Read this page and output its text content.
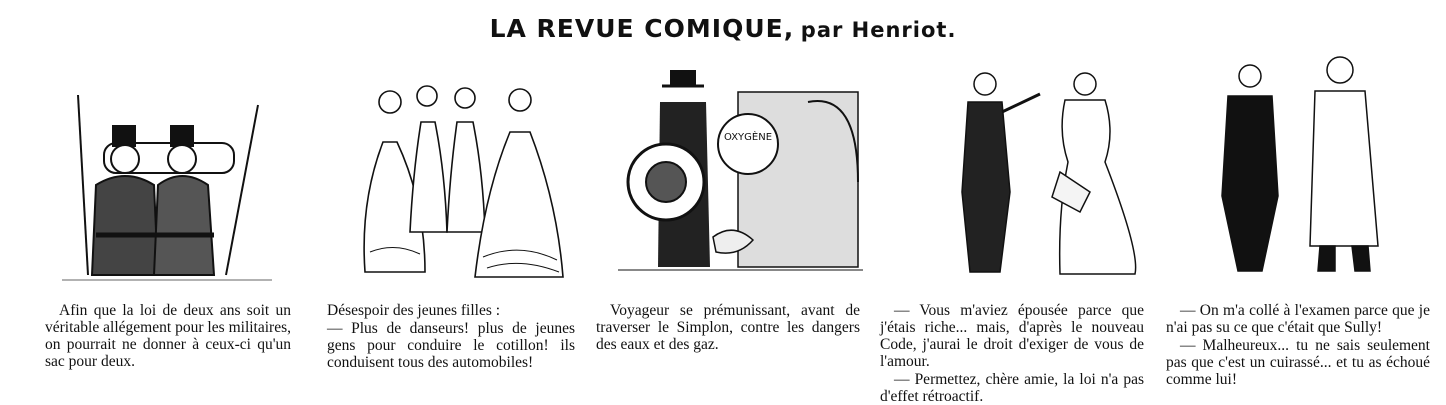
LA REVUE COMIQUE, par Henriot.
OXYGÈNE

Afin que la loi de deux ans soit un véritable allégement pour les militaires, on pourrait ne donner à ceux-ci qu'un sac pour deux.

Désespoir des jeunes filles :

— Plus de danseurs! plus de jeunes gens pour conduire le cotillon! ils conduisent tous des automobiles!

Voyageur se prémunissant, avant de traverser le Simplon, contre les dangers des eaux et des gaz.

— Vous m'aviez épousée parce que j'étais riche... mais, d'après le nouveau Code, j'aurai le droit d'exiger de vous de l'amour.

— Permettez, chère amie, la loi n'a pas d'effet rétroactif.

— On m'a collé à l'examen parce que je n'ai pas su ce que c'était que Sully!

— Malheureux... tu ne sais seulement pas que c'est un cuirassé... et tu as échoué comme lui!
